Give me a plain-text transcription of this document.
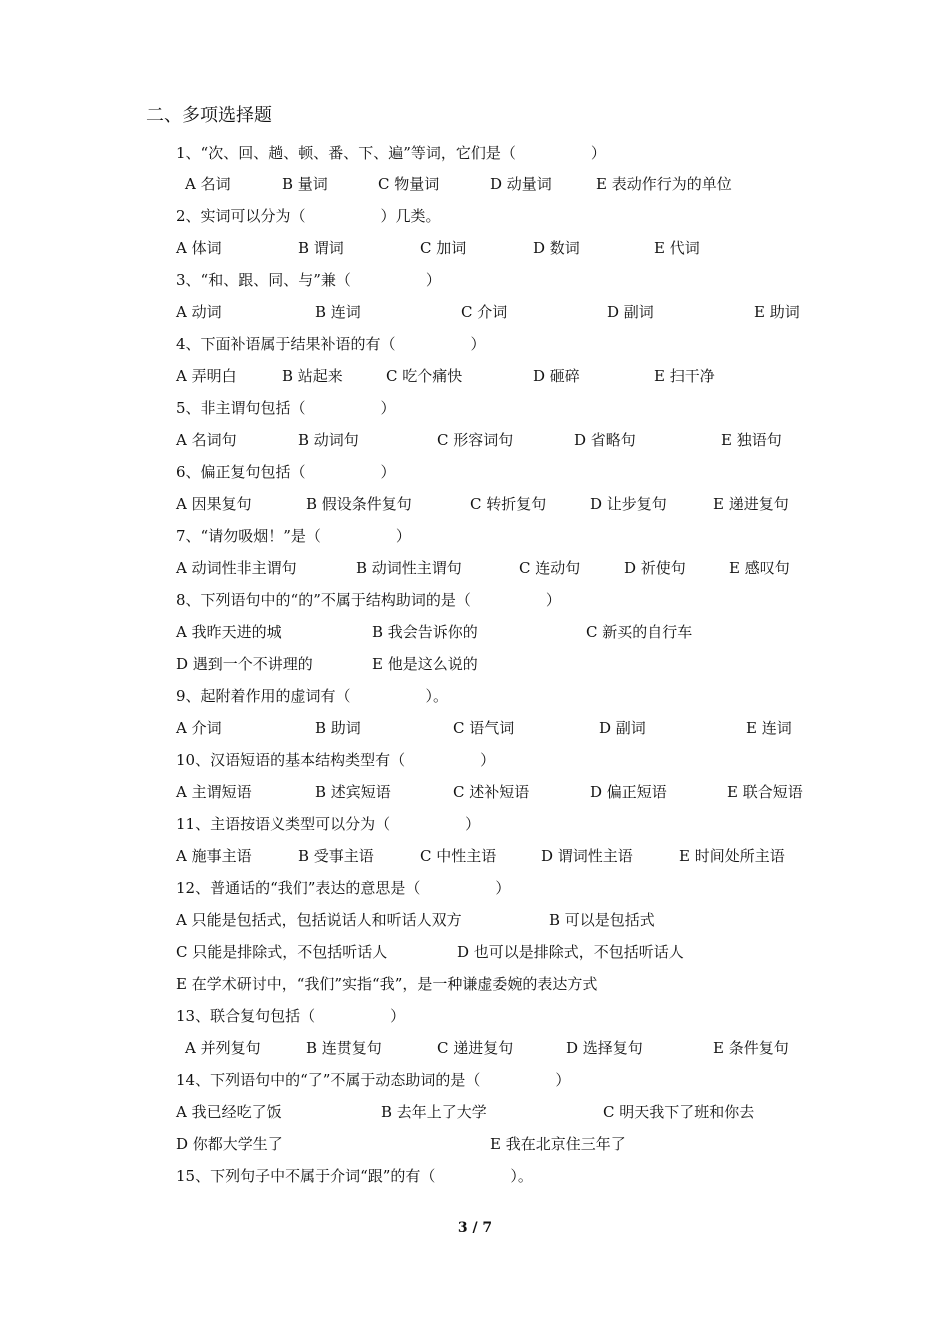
二、多项选择题
1、“次、回、趟、顿、番、下、遍”等词，它们是（　　　　　）
A 名词	B 量词	C 物量词	D 动量词	E 表动作行为的单位
2、实词可以分为（　　　　　）几类。
A 体词	B 谓词	C 加词	D 数词	E 代词
3、“和、跟、同、与”兼（　　　　　）
A 动词	B 连词	C 介词	D 副词	E 助词
4、下面补语属于结果补语的有（　　　　　）
A 弄明白	B 站起来	C 吃个痛快	D 砸碎	E 扫干净
5、非主谓句包括（　　　　　）
A 名词句	B 动词句	C 形容词句	D 省略句	E 独语句
6、偏正复句包括（　　　　　）
A 因果复句	B 假设条件复句	C 转折复句	D 让步复句	E 递进复句
7、“请勿吸烟！”是（　　　　　）
A 动词性非主谓句	B 动词性主谓句	C 连动句	D 祈使句	E 感叹句
8、下列语句中的“的”不属于结构助词的是（　　　　　）
A 我昨天进的城	B 我会告诉你的	C 新买的自行车
D 遇到一个不讲理的	E 他是这么说的
9、起附着作用的虚词有（　　　　　）。
A 介词	B 助词	C 语气词	D 副词	E 连词
10、汉语短语的基本结构类型有（　　　　　）
A 主谓短语	B 述宾短语	C 述补短语	D 偏正短语	E 联合短语
11、主语按语义类型可以分为（　　　　　）
A 施事主语	B 受事主语	C 中性主语	D 谓词性主语	E 时间处所主语
12、普通话的“我们”表达的意思是（　　　　　）
A 只能是包括式，包括说话人和听话人双方	B 可以是包括式
C 只能是排除式，不包括听话人	D 也可以是排除式，不包括听话人
E 在学术研讨中，“我们”实指“我”，是一种谦虚委婉的表达方式
13、联合复句包括（　　　　　）
A 并列复句	B 连贯复句	C 递进复句	D 选择复句	E 条件复句
14、下列语句中的“了”不属于动态助词的是（　　　　　）
A 我已经吃了饭	B 去年上了大学	C 明天我下了班和你去
D 你都大学生了	E 我在北京住三年了
15、下列句子中不属于介词“跟”的有（　　　　　）。
3 / 7
